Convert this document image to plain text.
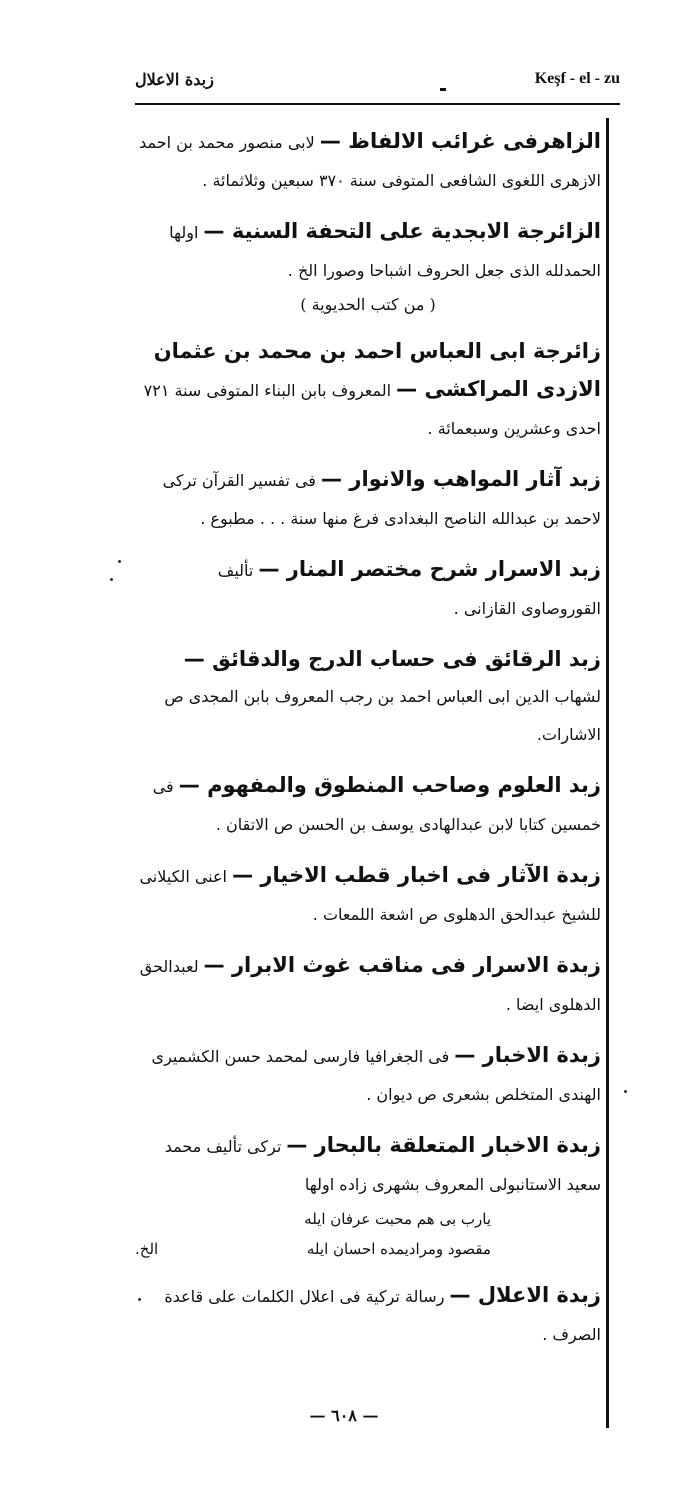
زبدة الاعلال	Keşf - el - zu
الزاهرفى غرائب الالفاظ — لابى منصور محمد بن احمد الازهرى اللغوى الشافعى المتوفى سنة ٣٧٠ سبعين وثلاثمائة .
الزائرجة الابجدية على التحفة السنية — اولها الحمدلله الذى جعل الحروف اشباحا وصورا الخ .
( من كتب الحديوية )
زائرجة ابى العباس احمد بن محمد بن عثمان الازدى المراكشى — المعروف بابن البناء المتوفى سنة ٧٢١ احدى وعشرين وسبعمائة .
زبد آثار المواهب والانوار — فى تفسير القرآن تركى لاحمد بن عبدالله الناصح البغدادى فرغ منها سنة . . . مطبوع .
زبد الاسرار شرح مختصر المنار — تأليف القوروصاوى القازانى .
زبد الرقائق فى حساب الدرج والدقائق — لشهاب الدين ابى العباس احمد بن رجب المعروف بابن المجدى ص الاشارات.
زبد العلوم وصاحب المنطوق والمفهوم — فى خمسين كتابا لابن عبدالهادى يوسف بن الحسن ص الاتقان .
زبدة الآثار فى اخبار قطب الاخيار — اعنى الكيلانى للشيخ عبدالحق الدهلوى ص اشعة اللمعات .
زبدة الاسرار فى مناقب غوث الابرار — لعبدالحق الدهلوى ايضا .
زبدة الاخبار — فى الجغرافيا فارسى لمحمد حسن الكشميرى الهندى المتخلص بشعرى ص ديوان .
زبدة الاخبار المتعلقة بالبحار — تركى تأليف محمد سعيد الاستانبولى المعروف بشهرى زاده اولها
يارب بى هم محبت عرفان ايله
مقصود ومراديمده احسان ايله
الخ.
زبدة الاعلال — رسالة تركية فى اعلال الكلمات على قاعدة الصرف .
— ٦٠٨ —
